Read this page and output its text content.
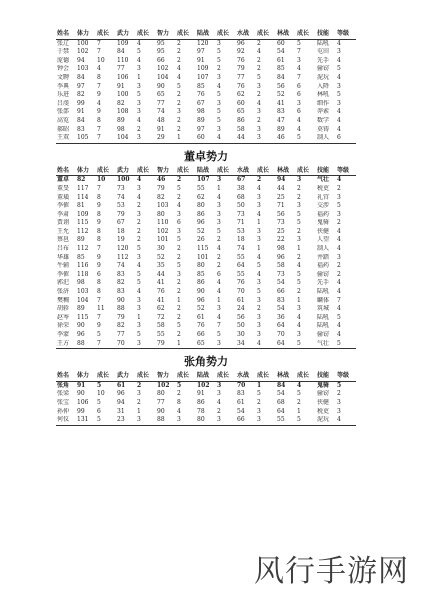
姓名	体力	成长	武力	成长	智力	成长	陆战	成长	水战	成长	林战	成长	技能	等级
张辽	100	7	109	4	95	2	120	3	96	2	60	5	陆吼	4
于禁	102	7	84	5	95	2	97	5	92	4	54	7	屯田	3
庞德	94	10	110	4	66	2	91	5	76	2	61	3	先手	4
钟会	103	4	77	3	102	4	109	2	79	2	85	4	偷窃	5
文聘	84	8	106	1	104	4	107	3	77	5	84	7	泥玩	4
李典	97	7	91	3	90	5	85	4	76	3	56	6	入降	3
乐进	82	9	100	5	65	2	76	5	62	2	52	6	林吼	5
吕虔	99	4	82	3	77	2	67	3	60	4	41	3	细作	3
张郃	91	9	108	3	74	3	98	5	65	3	83	6	莽索	4
高览	84	8	89	4	48	2	89	5	86	2	47	4	数学	4
郝昭	83	7	98	2	91	2	97	3	58	3	89	4	莫铸	4
王双	105	7	104	3	29	1	60	4	44	3	46	5	制人	6
董卓势力
姓名	体力	成长	武力	成长	智力	成长	陆战	成长	水战	成长	林战	成长	技能	等级
董卓	82	10	100	4	46	2	107	3	67	2	94	3	气壮	4
董旻	117	7	73	3	79	5	55	1	38	4	44	2	税吏	2
董璜	114	8	74	4	82	2	62	4	68	3	25	2	礼宫	3
李傕	81	9	53	2	103	4	80	3	50	3	71	3	交涉	5
李肃	109	8	79	3	80	3	86	3	73	4	56	5	福药	3
贾诩	115	9	67	2	110	6	96	3	71	1	73	5	鬼骑	2
王允	112	8	18	2	102	3	52	5	53	3	25	2	侠健	4
蔡邕	89	8	19	2	101	5	26	2	18	3	22	3	人望	4
吕布	112	7	120	5	30	2	115	4	74	1	98	1	制人	4
华雄	85	9	112	3	52	2	101	2	55	4	96	2	井踏	3
牛辅	116	9	74	4	35	5	80	2	64	5	58	4	福药	2
李傕	118	6	83	5	44	3	85	6	55	4	73	5	偷窃	2
郭汜	98	8	82	5	41	2	86	4	76	3	54	5	先手	4
张济	103	8	83	4	76	2	90	4	70	5	66	2	陆吼	4
樊稠	104	7	90	3	41	1	96	1	61	3	83	1	麟体	7
胡轸	89	11	88	3	62	2	52	3	24	2	54	3	筑城	4
赵岑	115	7	79	1	72	2	61	4	56	3	36	4	陆吼	5
徐荣	90	9	82	3	58	5	76	7	50	3	64	4	陆吼	4
李蒙	96	5	77	5	55	2	66	5	30	3	70	3	偷窃	4
王方	88	7	70	3	79	1	65	3	34	4	64	5	气壮	5
张角势力
姓名	体力	成长	武力	成长	智力	成长	陆战	成长	水战	成长	林战	成长	技能	等级
张角	91	5	61	2	102	5	102	3	70	1	84	4	鬼骑	5
张梁	90	10	96	3	80	2	91	3	83	5	54	5	偷窃	2
张宝	106	5	94	2	77	8	86	4	61	2	68	2	侠健	3
孙仲	99	6	31	1	90	4	78	2	54	3	64	1	税吏	3
何仪	131	5	23	3	88	3	80	3	66	3	55	5	泥玩	4
风行手游网
